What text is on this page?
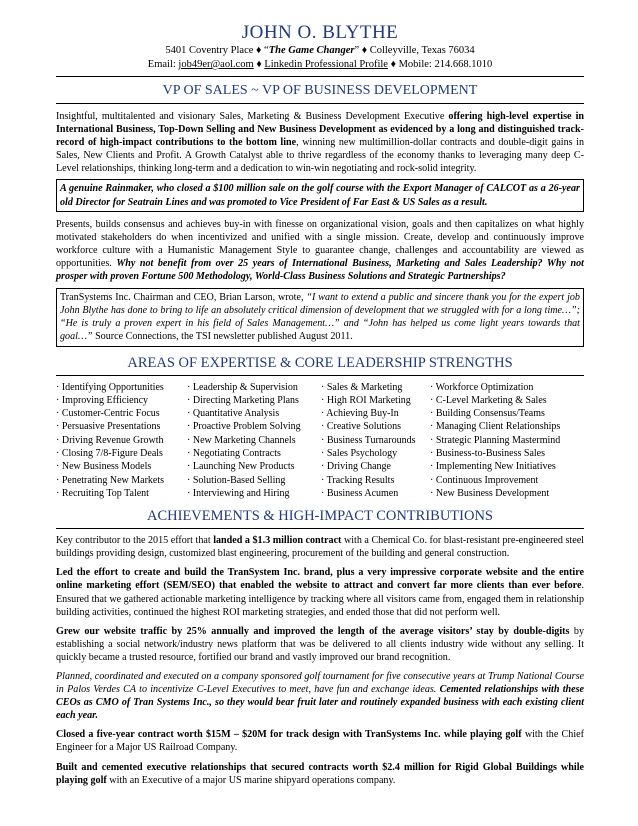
JOHN O. BLYTHE
5401 Coventry Place ♦ “The Game Changer” ♦ Colleyville, Texas 76034
Email: job49er@aol.com ♦ Linkedin Professional Profile ♦ Mobile: 214.668.1010
VP OF SALES ~ VP OF BUSINESS DEVELOPMENT

Insightful, multitalented and visionary Sales, Marketing & Business Development Executive offering high-level expertise in International Business, Top-Down Selling and New Business Development as evidenced by a long and distinguished track-record of high-impact contributions to the bottom line, winning new multimillion-dollar contracts and double-digit gains in Sales, New Clients and Profit. A Growth Catalyst able to thrive regardless of the economy thanks to leveraging many deep C-Level relationships, thinking long-term and a dedication to win-win negotiating and rock-solid integrity.

A genuine Rainmaker, who closed a $100 million sale on the golf course with the Export Manager of CALCOT as a 26-year old Director for Seatrain Lines and was promoted to Vice President of Far East & US Sales as a result.

Presents, builds consensus and achieves buy-in with finesse on organizational vision, goals and then capitalizes on what highly motivated stakeholders do when incentivized and unified with a single mission. Create, develop and continuously improve workforce culture with a Humanistic Management Style to guarantee change, challenges and accountability are viewed as opportunities. Why not benefit from over 25 years of International Business, Marketing and Sales Leadership? Why not prosper with proven Fortune 500 Methodology, World-Class Business Solutions and Strategic Partnerships?

TranSystems Inc. Chairman and CEO, Brian Larson, wrote, “I want to extend a public and sincere thank you for the expert job John Blythe has done to bring to life an absolutely critical dimension of development that we struggled with for a long time…”; “He is truly a proven expert in his field of Sales Management…” and “John has helped us come light years towards that goal…” Source Connections, the TSI newsletter published August 2011.
AREAS OF EXPERTISE & CORE LEADERSHIP STRENGTHS
· Identifying Opportunities
· Improving Efficiency
· Customer-Centric Focus
· Persuasive Presentations
· Driving Revenue Growth
· Closing 7/8-Figure Deals
· New Business Models
· Penetrating New Markets
· Recruiting Top Talent
· Leadership & Supervision
· Directing Marketing Plans
· Quantitative Analysis
· Proactive Problem Solving
· New Marketing Channels
· Negotiating Contracts
· Launching New Products
· Solution-Based Selling
· Interviewing and Hiring
· Sales & Marketing
· High ROI Marketing
· Achieving Buy-In
· Creative Solutions
· Business Turnarounds
· Sales Psychology
· Driving Change
· Tracking Results
· Business Acumen
· Workforce Optimization
· C-Level Marketing & Sales
· Building Consensus/Teams
· Managing Client Relationships
· Strategic Planning Mastermind
· Business-to-Business Sales
· Implementing New Initiatives
· Continuous Improvement
· New Business Development
ACHIEVEMENTS & HIGH-IMPACT CONTRIBUTIONS

Key contributor to the 2015 effort that landed a $1.3 million contract with a Chemical Co. for blast-resistant pre-engineered steel buildings providing design, customized blast engineering, procurement of the building and general construction.

Led the effort to create and build the TranSystem Inc. brand, plus a very impressive corporate website and the entire online marketing effort (SEM/SEO) that enabled the website to attract and convert far more clients than ever before. Ensured that we gathered actionable marketing intelligence by tracking where all visitors came from, engaged them in relationship building activities, continued the highest ROI marketing strategies, and ended those that did not perform well.

Grew our website traffic by 25% annually and improved the length of the average visitors’ stay by double-digits by establishing a social network/industry news platform that was be delivered to all clients industry wide without any selling. It quickly became a trusted resource, fortified our brand and vastly improved our brand recognition.

Planned, coordinated and executed on a company sponsored golf tournament for five consecutive years at Trump National Course in Palos Verdes CA to incentivize C-Level Executives to meet, have fun and exchange ideas. Cemented relationships with these CEOs as CMO of Tran Systems Inc., so they would bear fruit later and routinely expanded business with each existing client each year.

Closed a five-year contract worth $15M – $20M for track design with TranSystems Inc. while playing golf with the Chief Engineer for a Major US Railroad Company.

Built and cemented executive relationships that secured contracts worth $2.4 million for Rigid Global Buildings while playing golf with an Executive of a major US marine shipyard operations company.
